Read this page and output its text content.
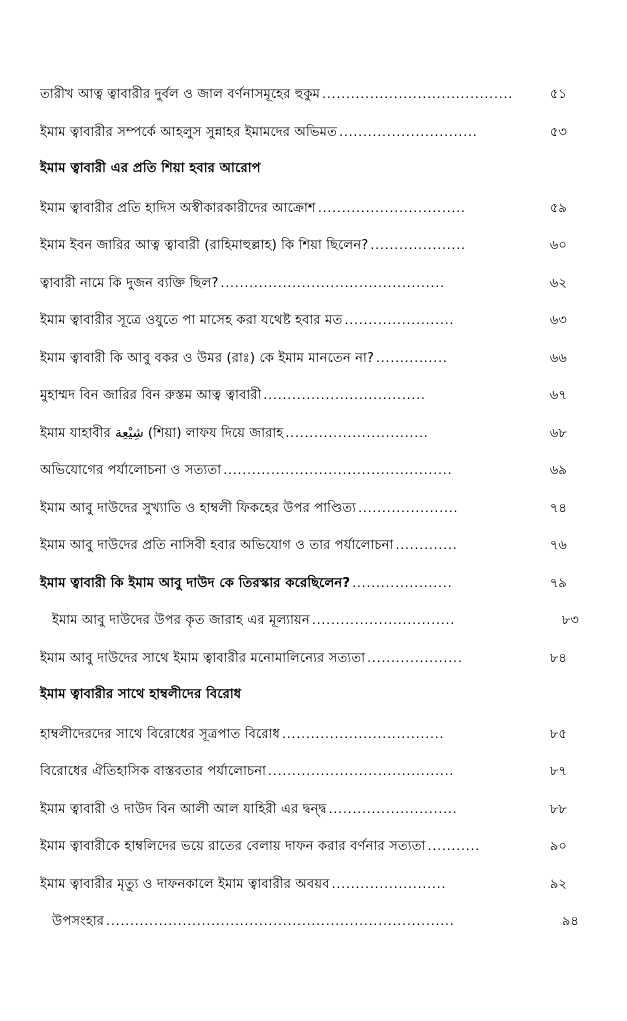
তারীখ আত্ব ত্বাবারীর দুর্বল ও জাল বর্ণনাসমূহের হুকুম ........................................	৫১
ইমাম ত্বাবারীর সম্পর্কে আহলুস সুন্নাহর ইমামদের অভিমত .............................	৫৩
ইমাম ত্বাবারী এর প্রতি শিয়া হবার আরোপ
ইমাম ত্বাবারীর প্রতি হাদিস অস্বীকারকারীদের আক্রোশ ...............................	৫৯
ইমাম ইবন জারির আত্ব ত্বাবারী (রাহিমাহুল্লাহ) কি শিয়া ছিলেন? ....................	৬০
ত্বাবারী নামে কি দুজন ব্যক্তি ছিল? ...............................................	৬২
ইমাম ত্বাবারীর সূত্রে ওযুতে পা মাসেহ করা যথেষ্ট হবার মত .......................	৬৩
ইমাম ত্বাবারী কি আবু বকর ও উমর (রাঃ) কে ইমাম মানতেন না? ...............	৬৬
মুহাম্মদ বিন জারির বিন রুস্তম আত্ব ত্বাবারী ..................................	৬৭
ইমাম যাহাবীর شِيْعِة (শিয়া) লাফয দিয়ে জারাহ ..............................	৬৮
অভিযোগের পর্যালোচনা ও সত্যতা ................................................	৬৯
ইমাম আবু দাউদের সুখ্যাতি ও হাম্বলী ফিকহের উপর পাণ্ডিত্য .....................	৭৪
ইমাম আবু দাউদের প্রতি নাসিবী হবার অভিযোগ ও তার পর্যালোচনা .............	৭৬
ইমাম ত্বাবারী কি ইমাম আবু দাউদ কে তিরস্কার করেছিলেন? .....................	৭৯
ইমাম আবু দাউদের উপর কৃত জারাহ এর মূল্যায়ন ..............................	৮৩
ইমাম আবু দাউদের সাথে ইমাম ত্বাবারীর মনোমালিন্যের সত্যতা ....................	৮৪
ইমাম ত্বাবারীর সাথে হাম্বলীদের বিরোধ
হাম্বলীদেরদের সাথে বিরোধের সূত্রপাত বিরোধ ..................................	৮৫
বিরোধের ঐতিহাসিক বাস্তবতার পর্যালোচনা .......................................	৮৭
ইমাম ত্বাবারী ও দাউদ বিন আলী আল যাহিরী এর দ্বন্দ্ব ...........................	৮৮
ইমাম ত্বাবারীকে হাম্বলিদের ভয়ে রাতের বেলায় দাফন করার বর্ণনার সত্যতা ...........	৯০
ইমাম ত্বাবারীর মৃত্যু ও দাফনকালে ইমাম ত্বাবারীর অবয়ব ........................	৯২
উপসংহার .........................................................................	৯৪
